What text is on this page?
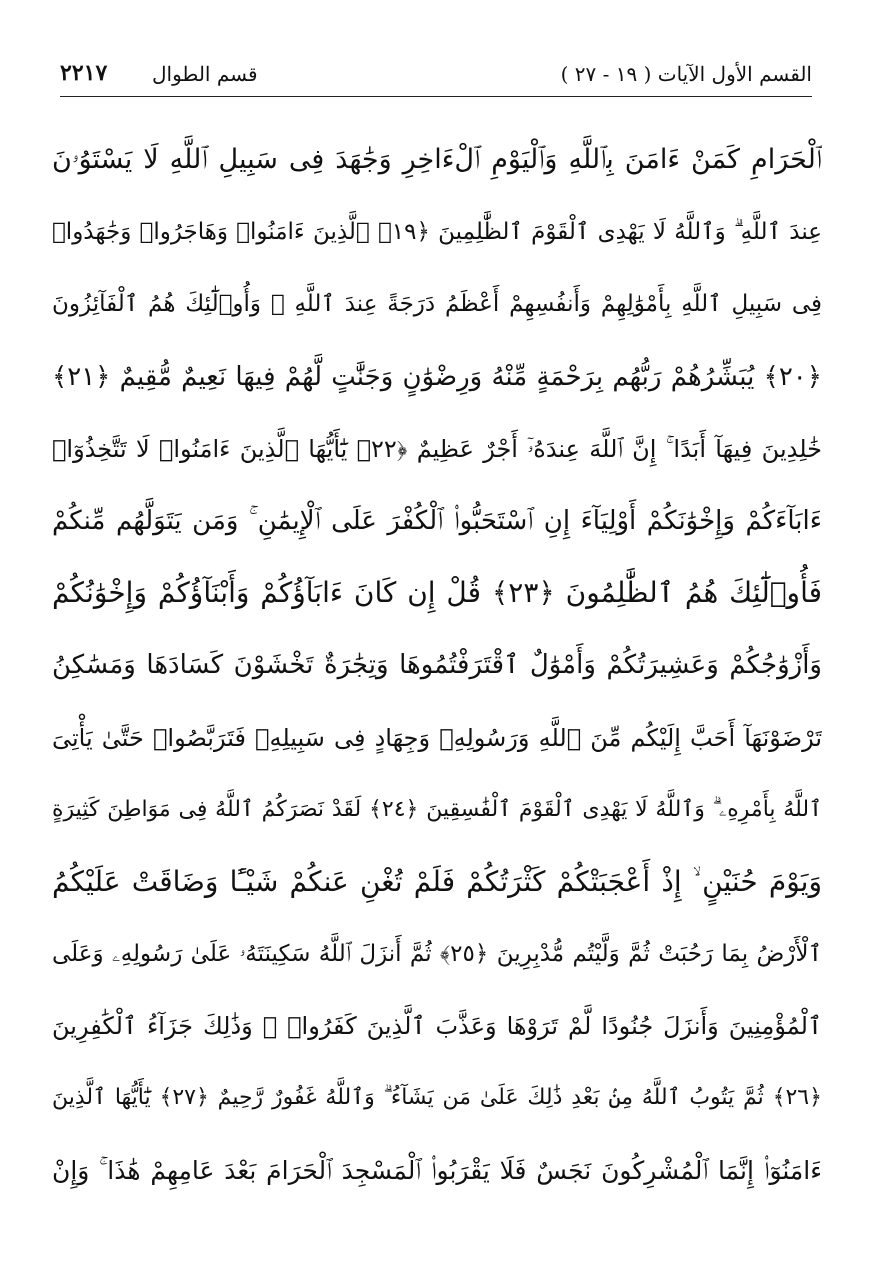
القسم الأول الآيات ( ١٩ - ٢٧ )
قسم الطوال
٢٢١٧
ٱلْحَرَامِ كَمَنْ ءَامَنَ بِٱللَّهِ وَٱلْيَوْمِ ٱلْءَاخِرِ وَجَٰهَدَ فِى سَبِيلِ ٱللَّهِ لَا يَسْتَوُۥنَ
عِندَ ٱللَّهِ ۗ وَٱللَّهُ لَا يَهْدِى ٱلْقَوْمَ ٱلظَّٰلِمِينَ ﴿١٩﴾ ٱلَّذِينَ ءَامَنُوا۟ وَهَاجَرُوا۟ وَجَٰهَدُوا۟
فِى سَبِيلِ ٱللَّهِ بِأَمْوَٰلِهِمْ وَأَنفُسِهِمْ أَعْظَمُ دَرَجَةً عِندَ ٱللَّهِ ۚ وَأُو۟لَٰٓئِكَ هُمُ ٱلْفَآئِزُونَ
﴿٢٠﴾ يُبَشِّرُهُمْ رَبُّهُم بِرَحْمَةٍ مِّنْهُ وَرِضْوَٰنٍ وَجَنَّٰتٍ لَّهُمْ فِيهَا نَعِيمٌ مُّقِيمٌ ﴿٢١﴾
خَٰلِدِينَ فِيهَآ أَبَدًا ۚ إِنَّ ٱللَّهَ عِندَهُۥٓ أَجْرٌ عَظِيمٌ ﴿٢٢﴾ يَٰٓأَيُّهَا ٱلَّذِينَ ءَامَنُوا۟ لَا تَتَّخِذُوٓا۟
ءَابَآءَكُمْ وَإِخْوَٰنَكُمْ أَوْلِيَآءَ إِنِ ٱسْتَحَبُّوا۟ ٱلْكُفْرَ عَلَى ٱلْإِيمَٰنِ ۚ وَمَن يَتَوَلَّهُم مِّنكُمْ
فَأُو۟لَٰٓئِكَ هُمُ ٱلظَّٰلِمُونَ ﴿٢٣﴾ قُلْ إِن كَانَ ءَابَآؤُكُمْ وَأَبْنَآؤُكُمْ وَإِخْوَٰنُكُمْ
وَأَزْوَٰجُكُمْ وَعَشِيرَتُكُمْ وَأَمْوَٰلٌ ٱقْتَرَفْتُمُوهَا وَتِجَٰرَةٌ تَخْشَوْنَ كَسَادَهَا وَمَسَٰكِنُ
تَرْضَوْنَهَآ أَحَبَّ إِلَيْكُم مِّنَ ٱللَّهِ وَرَسُولِهِۦ وَجِهَادٍ فِى سَبِيلِهِۦ فَتَرَبَّصُوا۟ حَتَّىٰ يَأْتِىَ
ٱللَّهُ بِأَمْرِهِۦ ۗ وَٱللَّهُ لَا يَهْدِى ٱلْقَوْمَ ٱلْفَٰسِقِينَ ﴿٢٤﴾ لَقَدْ نَصَرَكُمُ ٱللَّهُ فِى مَوَاطِنَ كَثِيرَةٍ
وَيَوْمَ حُنَيْنٍ ۙ إِذْ أَعْجَبَتْكُمْ كَثْرَتُكُمْ فَلَمْ تُغْنِ عَنكُمْ شَيْـًٔا وَضَاقَتْ عَلَيْكُمُ
ٱلْأَرْضُ بِمَا رَحُبَتْ ثُمَّ وَلَّيْتُم مُّدْبِرِينَ ﴿٢٥﴾ ثُمَّ أَنزَلَ ٱللَّهُ سَكِينَتَهُۥ عَلَىٰ رَسُولِهِۦ وَعَلَى
ٱلْمُؤْمِنِينَ وَأَنزَلَ جُنُودًا لَّمْ تَرَوْهَا وَعَذَّبَ ٱلَّذِينَ كَفَرُوا۟ ۚ وَذَٰلِكَ جَزَآءُ ٱلْكَٰفِرِينَ
﴿٢٦﴾ ثُمَّ يَتُوبُ ٱللَّهُ مِنۢ بَعْدِ ذَٰلِكَ عَلَىٰ مَن يَشَآءُ ۗ وَٱللَّهُ غَفُورٌ رَّحِيمٌ ﴿٢٧﴾ يَٰٓأَيُّهَا ٱلَّذِينَ
ءَامَنُوٓا۟ إِنَّمَا ٱلْمُشْرِكُونَ نَجَسٌ فَلَا يَقْرَبُوا۟ ٱلْمَسْجِدَ ٱلْحَرَامَ بَعْدَ عَامِهِمْ هَٰذَا ۚ وَإِنْ
